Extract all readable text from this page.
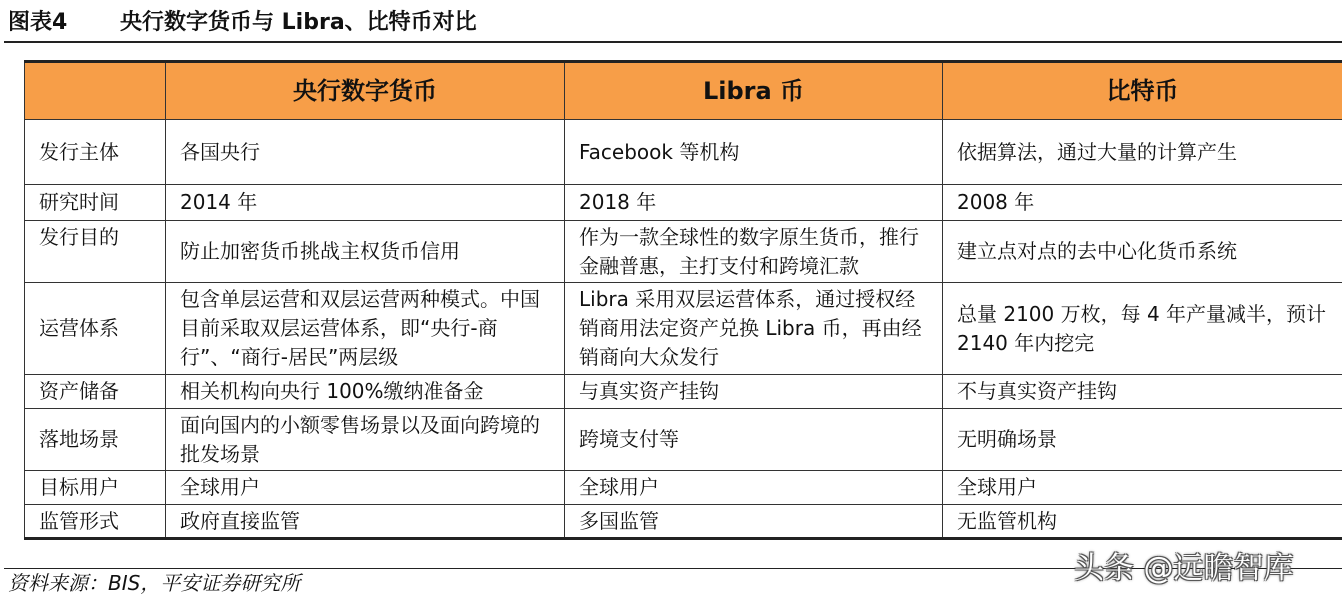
图表4 央行数字货币与 Libra、比特币对比
	央行数字货币	Libra 币	比特币
发行主体	各国央行	Facebook 等机构	依据算法，通过大量的计算产生
研究时间	2014 年	2018 年	2008 年
发行目的	防止加密货币挑战主权货币信用	作为一款全球性的数字原生货币，推行金融普惠，主打支付和跨境汇款	建立点对点的去中心化货币系统
运营体系	包含单层运营和双层运营两种模式。中国目前采取双层运营体系，即“央行-商行”、“商行-居民”两层级	Libra 采用双层运营体系，通过授权经销商用法定资产兑换 Libra 币，再由经销商向大众发行	总量 2100 万枚，每 4 年产量减半，预计 2140 年内挖完
资产储备	相关机构向央行 100%缴纳准备金	与真实资产挂钩	不与真实资产挂钩
落地场景	面向国内的小额零售场景以及面向跨境的批发场景	跨境支付等	无明确场景
目标用户	全球用户	全球用户	全球用户
监管形式	政府直接监管	多国监管	无监管机构
资料来源：BIS，平安证券研究所	头条 @远瞻智库
